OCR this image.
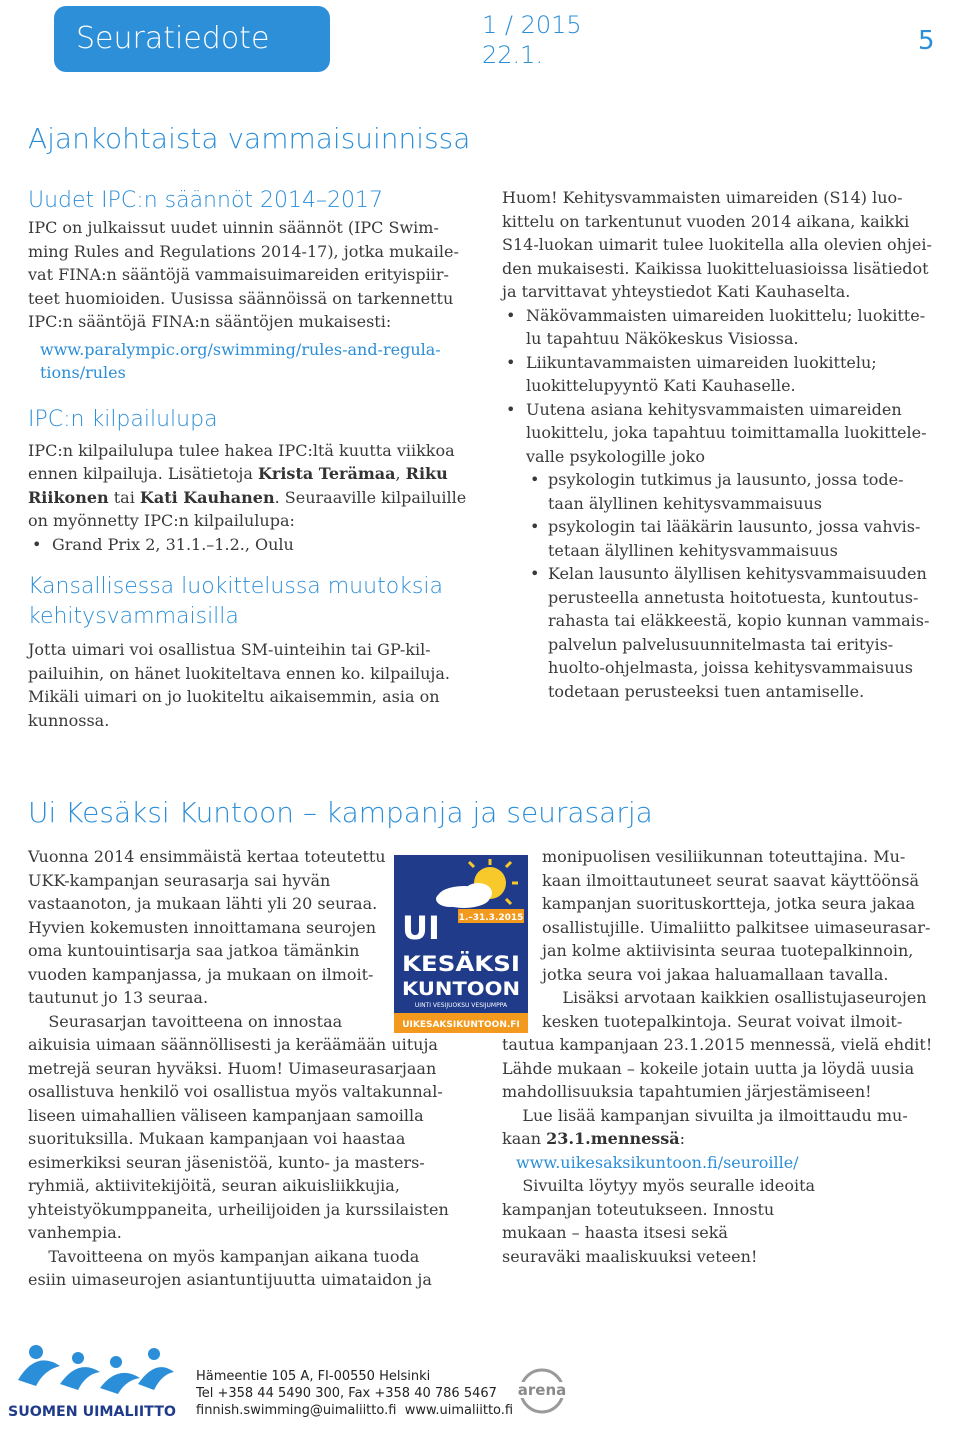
Seuratiedote	1 / 2015
22.1.	5
Ajankohtaista vammaisuinnissa
Uudet IPC:n säännöt 2014–2017

IPC on julkaissut uudet uinnin säännöt (IPC Swim-

ming Rules and Regulations 2014-17), jotka mukaile-

vat FINA:n sääntöjä vammaisuimareiden erityispiir-

teet huomioiden. Uusissa säännöissä on tarkennettu

IPC:n sääntöjä FINA:n sääntöjen mukaisesti:

www.paralympic.org/swimming/rules-and-regula-
tions/rules

IPC:n kilpailulupa

IPC:n kilpailulupa tulee hakea IPC:ltä kuutta viikkoa

ennen kilpailuja. Lisätietoja Krista Terämaa, Riku

Riikonen tai Kati Kauhanen. Seuraaville kilpailuille

on myönnetty IPC:n kilpailulupa:

• Grand Prix 2, 31.1.–1.2., Oulu
Kansallisessa luokittelussa muutoksia
kehitysvammaisilla

Jotta uimari voi osallistua SM-uinteihin tai GP-kil-

pailuihin, on hänet luokiteltava ennen ko. kilpailuja.

Mikäli uimari on jo luokiteltu aikaisemmin, asia on

kunnossa.

Huom! Kehitysvammaisten uimareiden (S14) luo-

kittelu on tarkentunut vuoden 2014 aikana, kaikki

S14-luokan uimarit tulee luokitella alla olevien ohjei-

den mukaisesti. Kaikissa luokitteluasioissa lisätiedot

ja tarvittavat yhteystiedot Kati Kauhaselta.

• Näkövammaisten uimareiden luokittelu; luokitte-
lu tapahtuu Näkökeskus Visiossa.
• Liikuntavammaisten uimareiden luokittelu;
luokittelupyyntö Kati Kauhaselle.
• Uutena asiana kehitysvammaisten uimareiden
luokittelu, joka tapahtuu toimittamalla luokittele-
valle psykologille joko
• psykologin tutkimus ja lausunto, jossa tode-
taan älyllinen kehitysvammaisuus
• psykologin tai lääkärin lausunto, jossa vahvis-
tetaan älyllinen kehitysvammaisuus
• Kelan lausunto älyllisen kehitysvammaisuuden
perusteella annetusta hoitotuesta, kuntoutus-
rahasta tai eläkkeestä, kopio kunnan vammais-
palvelun palvelusuunnitelmasta tai erityis-
huolto-ohjelmasta, joissa kehitysvammaisuus
todetaan perusteeksi tuen antamiselle.
Ui Kesäksi Kuntoon – kampanja ja seurasarja

Vuonna 2014 ensimmäistä kertaa toteutettu

UKK-kampanjan seurasarja sai hyvän

vastaanoton, ja mukaan lähti yli 20 seuraa.

Hyvien kokemusten innoittamana seurojen

oma kuntouintisarja saa jatkoa tämänkin

vuoden kampanjassa, ja mukaan on ilmoit-

tautunut jo 13 seuraa.

Seurasarjan tavoitteena on innostaa

aikuisia uimaan säännöllisesti ja keräämään uituja

metrejä seuran hyväksi. Huom! Uimaseurasarjaan

osallistuva henkilö voi osallistua myös valtakunnal-

liseen uimahallien väliseen kampanjaan samoilla

suorituksilla. Mukaan kampanjaan voi haastaa

esimerkiksi seuran jäsenistöä, kunto- ja masters-

ryhmiä, aktiivitekijöitä, seuran aikuisliikkujia,

yhteistyökumppaneita, urheilijoiden ja kurssilaisten

vanhempia.

Tavoitteena on myös kampanjan aikana tuoda

esiin uimaseurojen asiantuntijuutta uimataidon ja

1.–31.3.2015
UI
KESÄKSI
KUNTOON
UINTI VESIJUOKSU VESIJUMPPA
UIKESAKSIKUNTOON.FI

monipuolisen vesiliikunnan toteuttajina. Mu-

kaan ilmoittautuneet seurat saavat käyttöönsä

kampanjan suorituskortteja, jotka seura jakaa

osallistujille. Uimaliitto palkitsee uimaseurasar-

jan kolme aktiivisinta seuraa tuotepalkinnoin,

jotka seura voi jakaa haluamallaan tavalla.

Lisäksi arvotaan kaikkien osallistujaseurojen

kesken tuotepalkintoja. Seurat voivat ilmoit-

tautua kampanjaan 23.1.2015 mennessä, vielä ehdit!

Lähde mukaan – kokeile jotain uutta ja löydä uusia

mahdollisuuksia tapahtumien järjestämiseen!

Lue lisää kampanjan sivuilta ja ilmoittaudu mu-

kaan 23.1.mennessä:

www.uikesaksikuntoon.fi/seuroille/

Sivuilta löytyy myös seuralle ideoita

kampanjan toteutukseen. Innostu

mukaan – haasta itsesi sekä

seuraväki maaliskuuksi veteen!

SUOMEN UIMALIITTO
Hämeentie 105 A, FI-00550 Helsinki
Tel +358 44 5490 300, Fax +358 40 786 5467
finnish.swimming@uimaliitto.fi  www.uimaliitto.fi
arena
